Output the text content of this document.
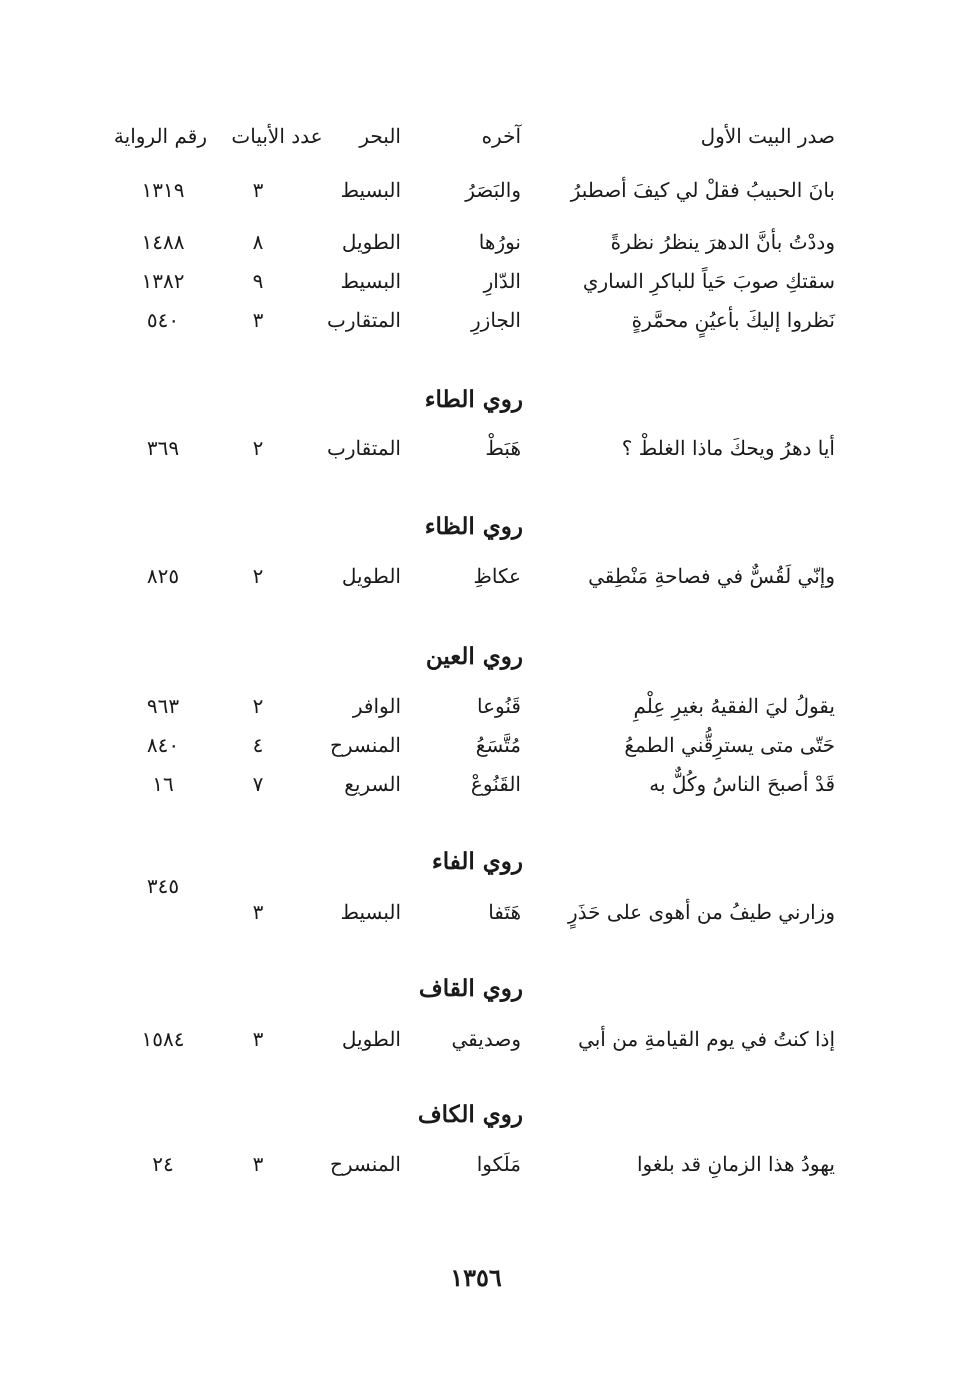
صدر البيت الأول
آخره
البحر
عدد الأبيات
رقم الرواية
بانَ الحبيبُ فقلْ لي كيفَ أصطبرُ
والبَصَرُ
البسيط
٣
١٣١٩
وددْتُ بأنَّ الدهرَ ينظرُ نظرةً
نورُها
الطويل
٨
١٤٨٨
سقتكِ صوبَ حَياً للباكرِ الساري
الدّارِ
البسيط
٩
١٣٨٢
نَظروا إليكَ بأعيُنٍ محمَّرةٍ
الجازرِ
المتقارب
٣
٥٤٠
روي الطاء
أيا دهرُ ويحكَ ماذا الغلطْ ؟
هَبَطْ
المتقارب
٢
٣٦٩
روي الظاء
وإنّي لَقُسٌّ في فصاحةِ مَنْطِقي
عكاظِ
الطويل
٢
٨٢٥
روي العين
يقولُ ليَ الفقيهُ بغيرِ عِلْمِ
قَنُوعا
الوافر
٢
٩٦٣
حَتّى متى يسترِقُّني الطمعُ
مُتَّسَعُ
المنسرح
٤
٨٤٠
قَدْ أصبحَ الناسُ وكُلٌّ به
القَنُوعْ
السريع
٧
١٦
روي الفاء
وزارني طيفُ من أهوى على حَذَرٍ
هَتَفا
البسيط
٣
٣٤٥
روي القاف
إذا كنتُ في يوم القيامةِ من أبي
وصديقي
الطويل
٣
١٥٨٤
روي الكاف
يهودُ هذا الزمانِ قد بلغوا
مَلَكوا
المنسرح
٣
٢٤
١٣٥٦
